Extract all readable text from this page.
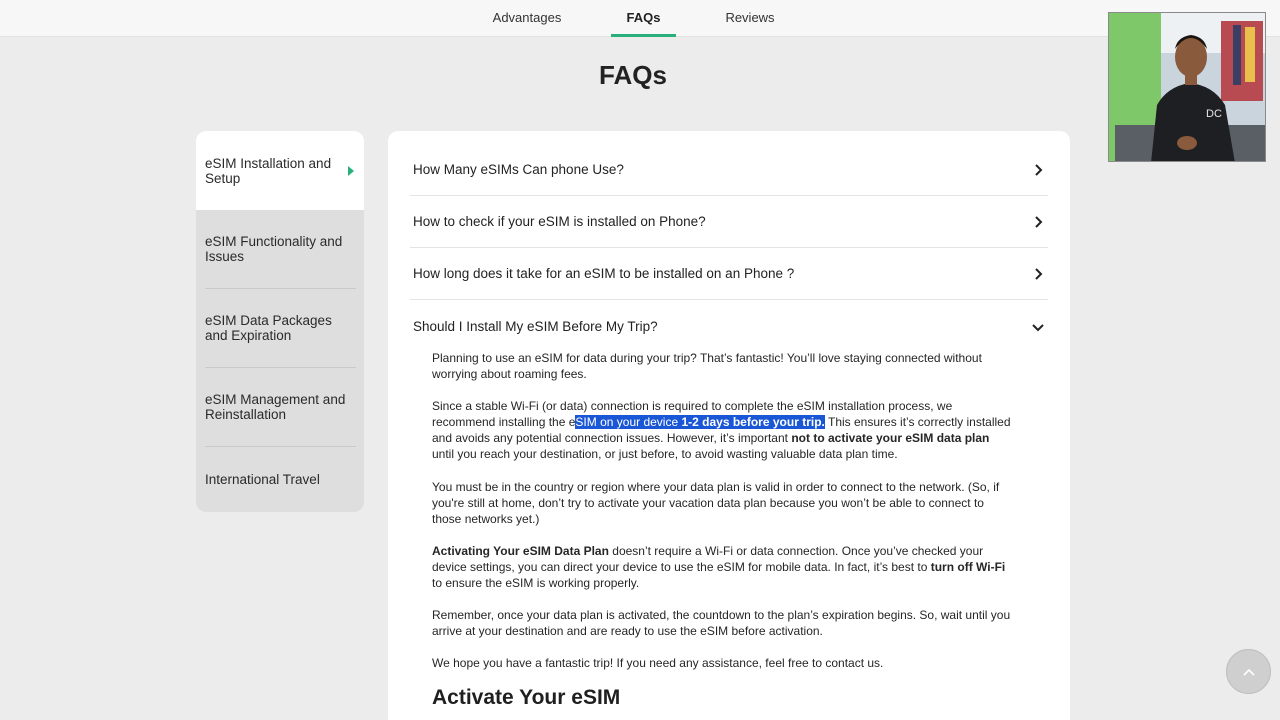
Advantages	FAQs	Reviews
FAQs
eSIM Installation and Setup
eSIM Functionality and Issues
eSIM Data Packages and Expiration
eSIM Management and Reinstallation
International Travel
How Many eSIMs Can phone Use?
How to check if your eSIM is installed on Phone?
How long does it take for an eSIM to be installed on an Phone ?
Should I Install My eSIM Before My Trip?

Planning to use an eSIM for data during your trip? That’s fantastic! You’ll love staying connected without worrying about roaming fees.

Since a stable Wi-Fi (or data) connection is required to complete the eSIM installation process, we recommend installing the eSIM on your device 1-2 days before your trip. This ensures it’s correctly installed and avoids any potential connection issues. However, it’s important not to activate your eSIM data plan until you reach your destination, or just before, to avoid wasting valuable data plan time.

You must be in the country or region where your data plan is valid in order to connect to the network. (So, if you're still at home, don’t try to activate your vacation data plan because you won’t be able to connect to those networks yet.)

Activating Your eSIM Data Plan doesn’t require a Wi-Fi or data connection. Once you’ve checked your device settings, you can direct your device to use the eSIM for mobile data. In fact, it’s best to turn off Wi-Fi to ensure the eSIM is working properly.

Remember, once your data plan is activated, the countdown to the plan’s expiration begins. So, wait until you arrive at your destination and are ready to use the eSIM before activation.

We hope you have a fantastic trip! If you need any assistance, feel free to contact us.

Activate Your eSIM
DC
